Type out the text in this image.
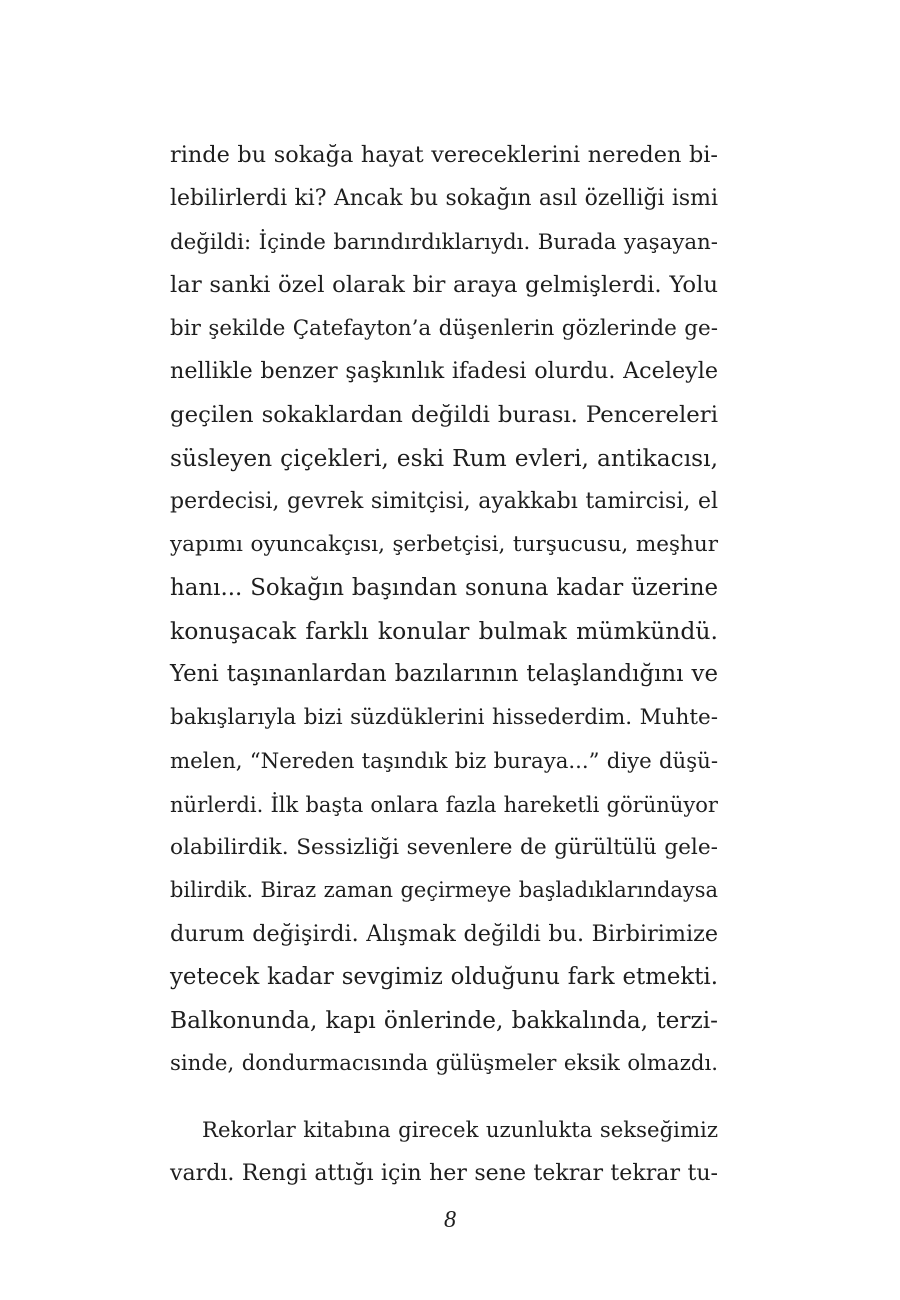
rinde bu sokağa hayat vereceklerini nereden bi-
lebilirlerdi ki? Ancak bu sokağın asıl özelliği ismi
değildi: İçinde barındırdıklarıydı. Burada yaşayan-
lar sanki özel olarak bir araya gelmişlerdi. Yolu
bir şekilde Çatefayton’a düşenlerin gözlerinde ge-
nellikle benzer şaşkınlık ifadesi olurdu. Aceleyle
geçilen sokaklardan değildi burası. Pencereleri
süsleyen çiçekleri, eski Rum evleri, antikacısı,
perdecisi, gevrek simitçisi, ayakkabı tamircisi, el
yapımı oyuncakçısı, şerbetçisi, turşucusu, meşhur
hanı... Sokağın başından sonuna kadar üzerine
konuşacak farklı konular bulmak mümkündü.
Yeni taşınanlardan bazılarının telaşlandığını ve
bakışlarıyla bizi süzdüklerini hissederdim. Muhte-
melen, “Nereden taşındık biz buraya...” diye düşü-
nürlerdi. İlk başta onlara fazla hareketli görünüyor
olabilirdik. Sessizliği sevenlere de gürültülü gele-
bilirdik. Biraz zaman geçirmeye başladıklarındaysa
durum değişirdi. Alışmak değildi bu. Birbirimize
yetecek kadar sevgimiz olduğunu fark etmekti.
Balkonunda, kapı önlerinde, bakkalında, terzi-
sinde, dondurmacısında gülüşmeler eksik olmazdı.
Rekorlar kitabına girecek uzunlukta sekseğimiz
vardı. Rengi attığı için her sene tekrar tekrar tu-
8
